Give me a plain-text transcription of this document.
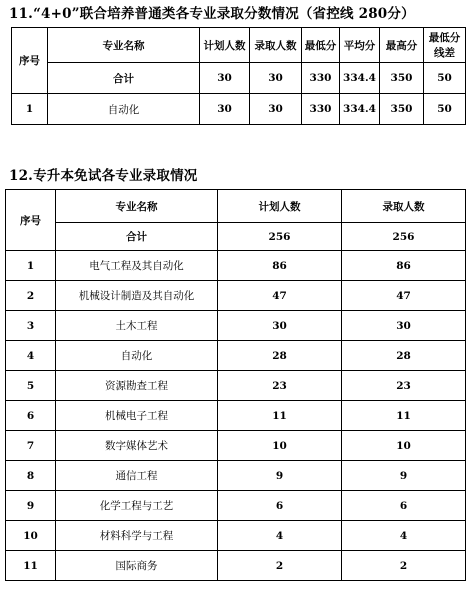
11.“4+0”联合培养普通类各专业录取分数情况（省控线 280分）
序号	专业名称	计划人数	录取人数	最低分	平均分	最高分	最低分线差
	合计	30	30	330	334.4	350	50
1	自动化	30	30	330	334.4	350	50
12.专升本免试各专业录取情况
序号	专业名称	计划人数	录取人数
	合计	256	256
1	电气工程及其自动化	86	86
2	机械设计制造及其自动化	47	47
3	土木工程	30	30
4	自动化	28	28
5	资源勘查工程	23	23
6	机械电子工程	11	11
7	数字媒体艺术	10	10
8	通信工程	9	9
9	化学工程与工艺	6	6
10	材料科学与工程	4	4
11	国际商务	2	2
